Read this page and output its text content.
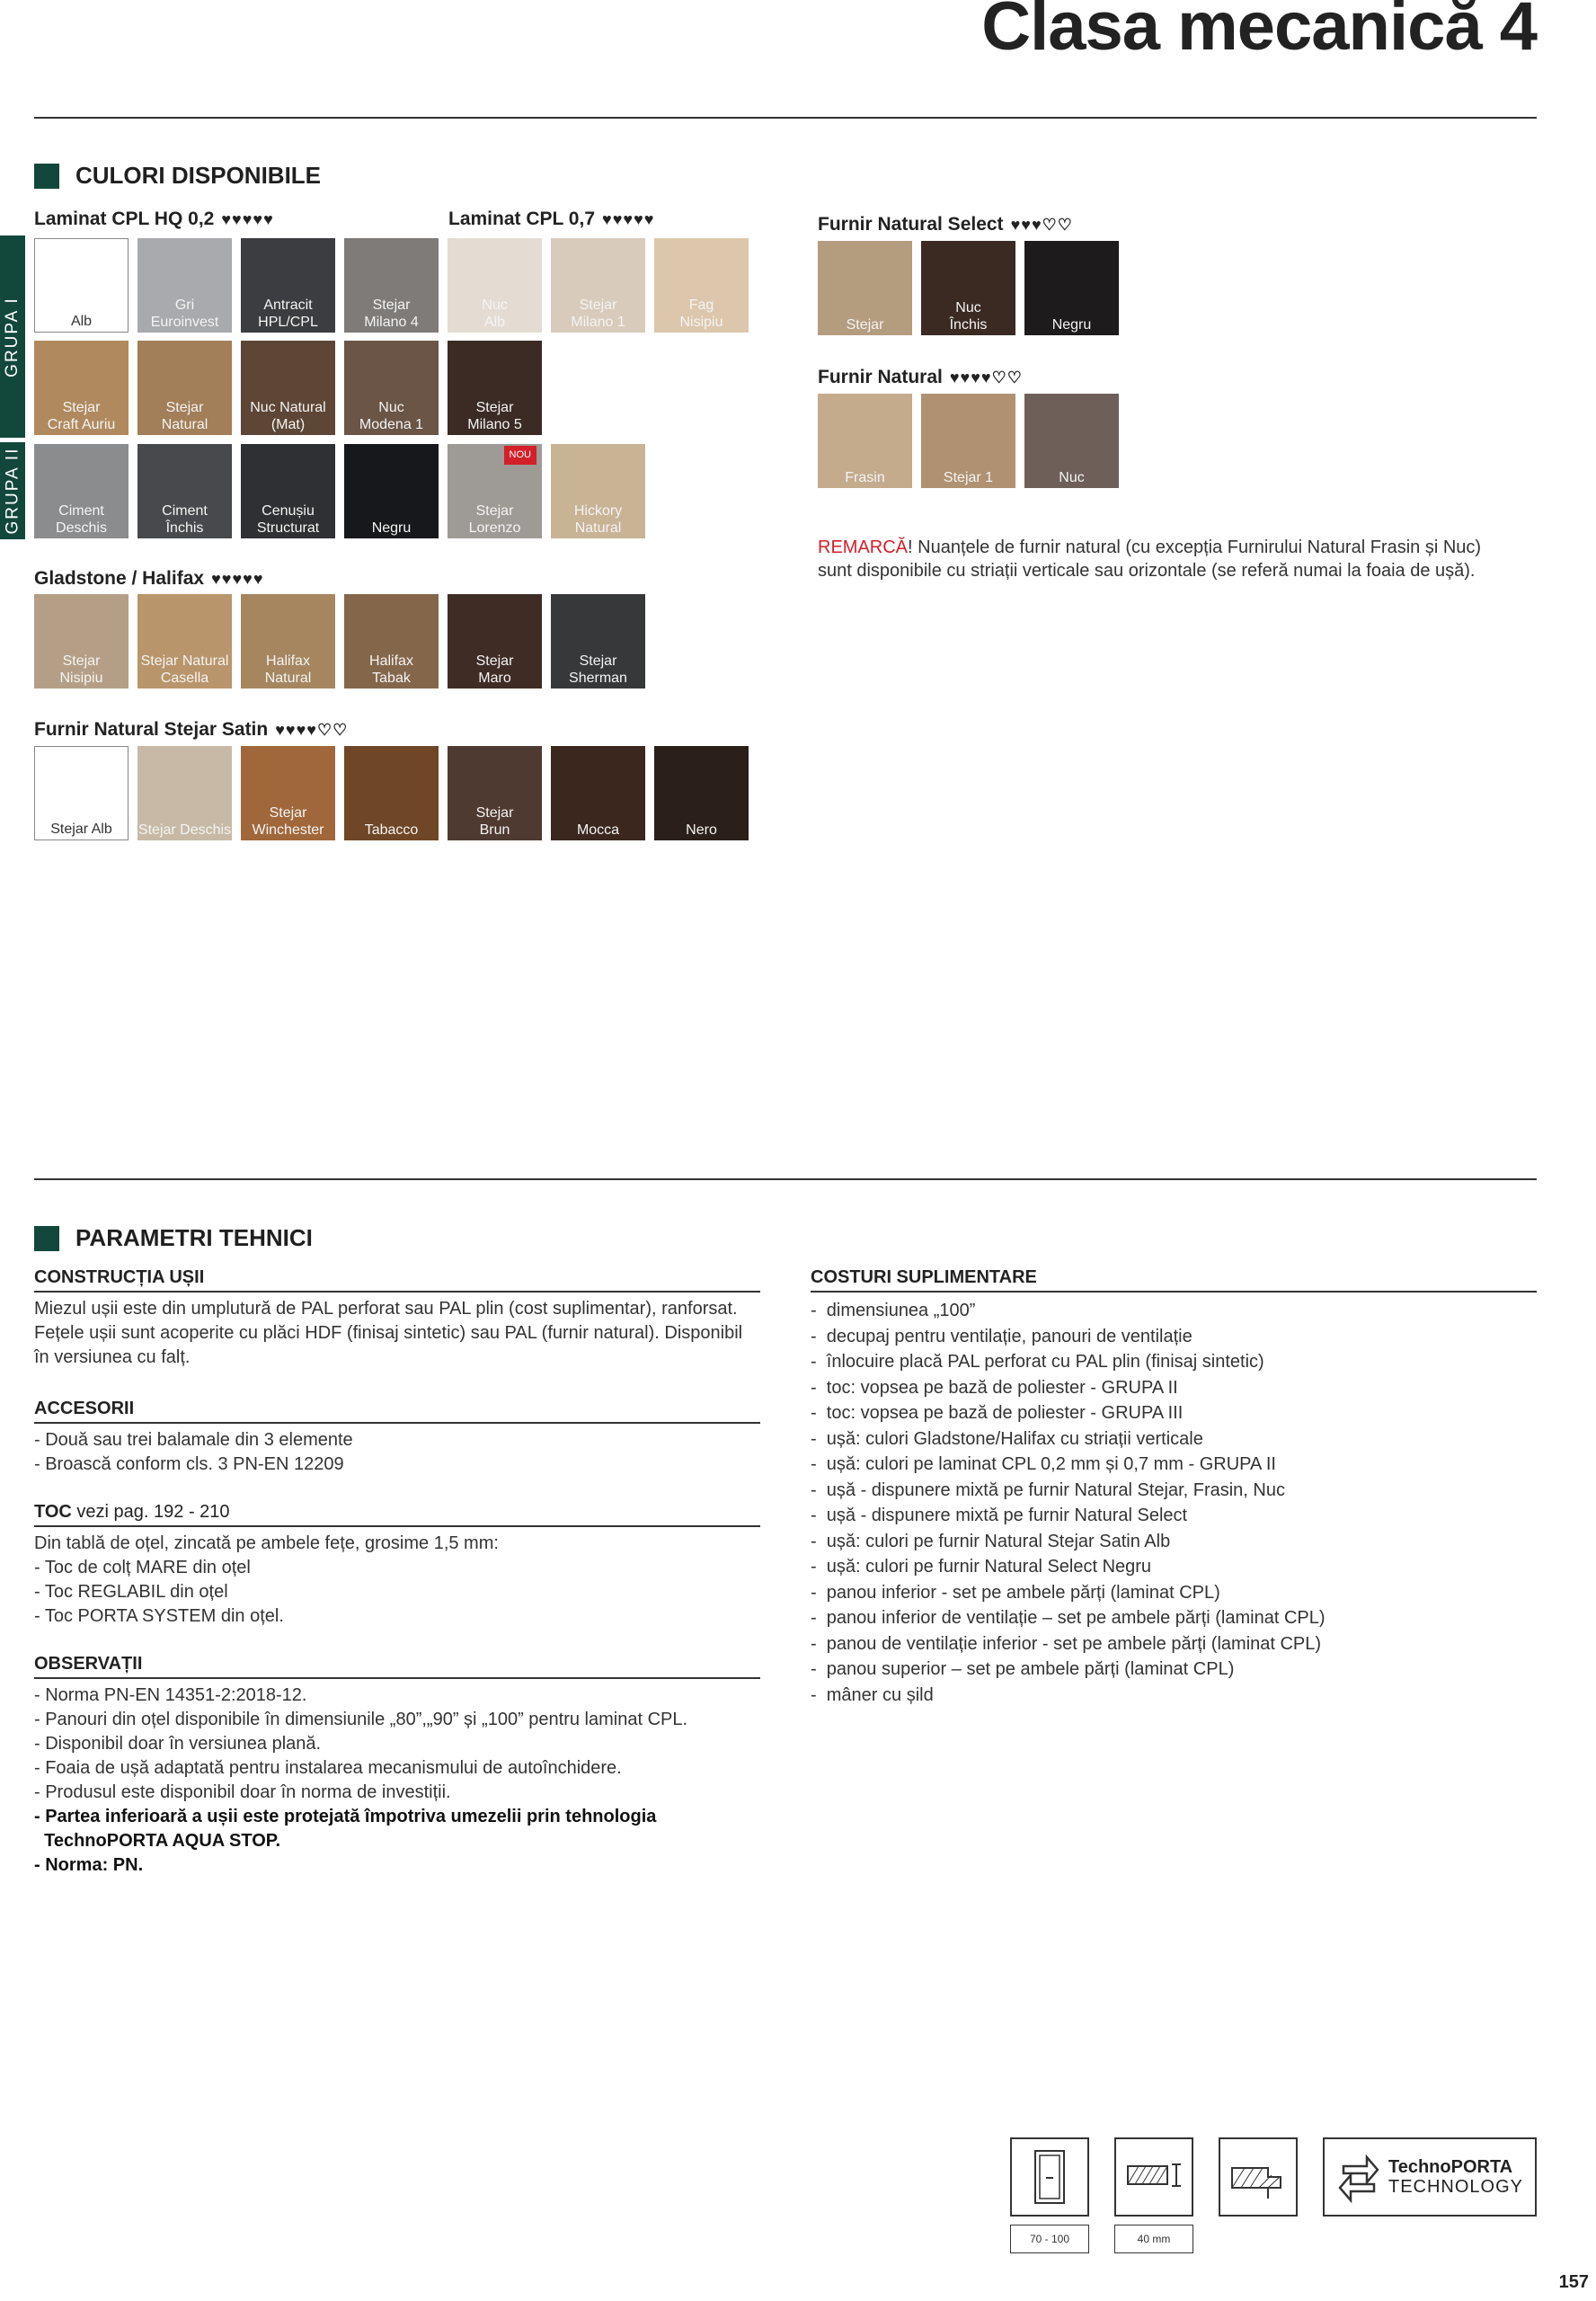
Clasa mecanică 4
CULORI DISPONIBILE
Laminat CPL HQ 0,2 ♥♥♥♥♥	Laminat CPL 0,7 ♥♥♥♥♥
GRUPA I
GRUPA II
Alb
Gri
Euroinvest
Antracit
HPL/CPL
Stejar
Milano 4
Nuc
Alb
Stejar
Milano 1
Fag
Nisipiu
Stejar
Craft Auriu
Stejar
Natural
Nuc Natural
(Mat)
Nuc
Modena 1
Stejar
Milano 5
Ciment
Deschis
Ciment
Închis
Cenușiu
Structurat	Negru
Stejar
Lorenzo
NOU
Hickory
Natural
Gladstone / Halifax ♥♥♥♥♥
Stejar
Nisipiu
Stejar Natural
Casella
Halifax
Natural
Halifax
Tabak
Stejar
Maro
Stejar
Sherman
Furnir Natural Stejar Satin ♥♥♥♥♡♡
Stejar Alb Stejar Deschis
Stejar
Winchester	Tabacco
Stejar
Brun	Mocca	Nero
Furnir Natural Select ♥♥♥♡♡
Stejar
Nuc
Închis	Negru
Furnir Natural ♥♥♥♥♡♡
Frasin	Stejar 1	Nuc
REMARCĂ! Nuanțele de furnir natural (cu excepția Furnirului Natural Frasin și Nuc) sunt disponibile cu striații verticale sau orizontale (se referă numai la foaia de ușă).
PARAMETRI TEHNICI
CONSTRUCȚIA UȘII
Miezul ușii este din umplutură de PAL perforat sau PAL plin (cost suplimentar), ranforsat.
Fețele ușii sunt acoperite cu plăci HDF (finisaj sintetic) sau PAL (furnir natural). Disponibil
în versiunea cu falț.
ACCESORII
- Două sau trei balamale din 3 elemente
- Broască conform cls. 3 PN-EN 12209
TOC vezi pag. 192 - 210
Din tablă de oțel, zincată pe ambele fețe, grosime 1,5 mm:
- Toc de colț MARE din oțel
- Toc REGLABIL din oțel
- Toc PORTA SYSTEM din oțel.
OBSERVAȚII
- Norma PN-EN 14351-2:2018-12.
- Panouri din oțel disponibile în dimensiunile „80”,„90” și „100” pentru laminat CPL.
- Disponibil doar în versiunea plană.
- Foaia de ușă adaptată pentru instalarea mecanismului de autoînchidere.
- Produsul este disponibil doar în norma de investiții.
- Partea inferioară a ușii este protejată împotriva umezelii prin tehnologia
TechnoPORTA AQUA STOP.
- Norma: PN.
COSTURI SUPLIMENTARE
-  dimensiunea „100”
-  decupaj pentru ventilație, panouri de ventilație
-  înlocuire placă PAL perforat cu PAL plin (finisaj sintetic)
-  toc: vopsea pe bază de poliester - GRUPA II
-  toc: vopsea pe bază de poliester - GRUPA III
-  ușă: culori Gladstone/Halifax cu striații verticale
-  ușă: culori pe laminat CPL 0,2 mm și 0,7 mm - GRUPA II
-  ușă - dispunere mixtă pe furnir Natural Stejar, Frasin, Nuc
-  ușă - dispunere mixtă pe furnir Natural Select
-  ușă: culori pe furnir Natural Stejar Satin Alb
-  ușă: culori pe furnir Natural Select Negru
-  panou inferior - set pe ambele părți (laminat CPL)
-  panou inferior de ventilație – set pe ambele părți (laminat CPL)
-  panou de ventilație inferior - set pe ambele părți (laminat CPL)
-  panou superior – set pe ambele părți (laminat CPL)
-  mâner cu șild
70 - 100	40 mm
TechnoPORTA
TECHNOLOGY
157
